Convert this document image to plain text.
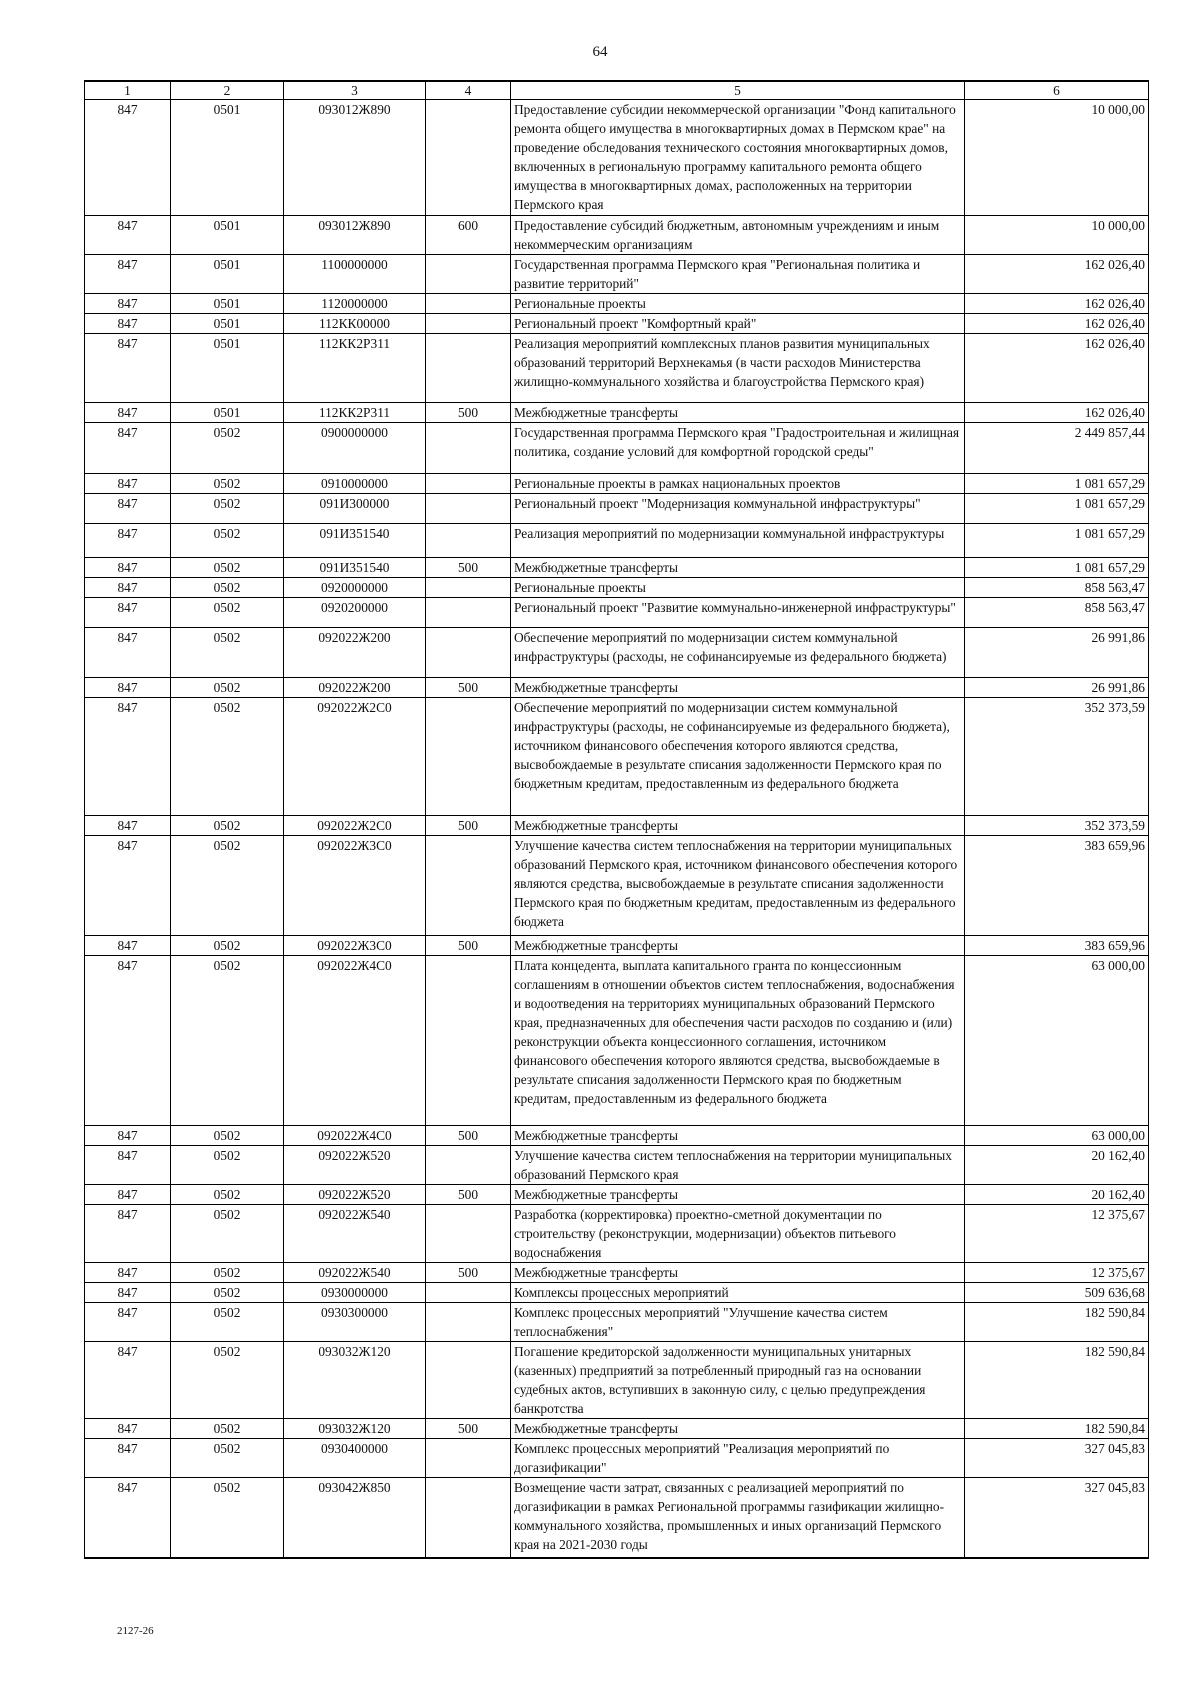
64
1	2	3	4	5	6
847	0501	093012Ж890		Предоставление субсидии некоммерческой организации "Фонд капитального ремонта общего имущества в многоквартирных домах в Пермском крае" на проведение обследования технического состояния многоквартирных домов, включенных в региональную программу капитального ремонта общего имущества в многоквартирных домах, расположенных на территории Пермского края	10 000,00
847	0501	093012Ж890	600	Предоставление субсидий бюджетным, автономным учреждениям и иным некоммерческим организациям	10 000,00
847	0501	1100000000		Государственная программа Пермского края "Региональная политика и развитие территорий"	162 026,40
847	0501	1120000000		Региональные проекты	162 026,40
847	0501	112КК00000		Региональный проект "Комфортный край"	162 026,40
847	0501	112КК2Р311		Реализация мероприятий комплексных планов развития муниципальных образований территорий Верхнекамья (в части расходов Министерства жилищно-коммунального хозяйства и благоустройства Пермского края)	162 026,40
847	0501	112КК2Р311	500	Межбюджетные трансферты	162 026,40
847	0502	0900000000		Государственная программа Пермского края "Градостроительная и жилищная политика, создание условий для комфортной городской среды"	2 449 857,44
847	0502	0910000000		Региональные проекты в рамках национальных проектов	1 081 657,29
847	0502	091И300000		Региональный проект "Модернизация коммунальной инфраструктуры"	1 081 657,29
847	0502	091И351540		Реализация мероприятий по модернизации коммунальной инфраструктуры	1 081 657,29
847	0502	091И351540	500	Межбюджетные трансферты	1 081 657,29
847	0502	0920000000		Региональные проекты	858 563,47
847	0502	0920200000		Региональный проект "Развитие коммунально-инженерной инфраструктуры"	858 563,47
847	0502	092022Ж200		Обеспечение мероприятий по модернизации систем коммунальной инфраструктуры (расходы, не софинансируемые из федерального бюджета)	26 991,86
847	0502	092022Ж200	500	Межбюджетные трансферты	26 991,86
847	0502	092022Ж2С0		Обеспечение мероприятий по модернизации систем коммунальной инфраструктуры (расходы, не софинансируемые из федерального бюджета), источником финансового обеспечения которого являются средства, высвобождаемые в результате списания задолженности Пермского края по бюджетным кредитам, предоставленным из федерального бюджета	352 373,59
847	0502	092022Ж2С0	500	Межбюджетные трансферты	352 373,59
847	0502	092022Ж3С0		Улучшение качества систем теплоснабжения на территории муниципальных образований Пермского края, источником финансового обеспечения которого являются средства, высвобождаемые в результате списания задолженности Пермского края по бюджетным кредитам, предоставленным из федерального бюджета	383 659,96
847	0502	092022Ж3С0	500	Межбюджетные трансферты	383 659,96
847	0502	092022Ж4С0		Плата концедента, выплата капитального гранта по концессионным соглашениям в отношении объектов систем теплоснабжения, водоснабжения и водоотведения на территориях муниципальных образований Пермского края, предназначенных для обеспечения части расходов по созданию и (или) реконструкции объекта концессионного соглашения, источником финансового обеспечения которого являются средства, высвобождаемые в результате списания задолженности Пермского края по бюджетным кредитам, предоставленным из федерального бюджета	63 000,00
847	0502	092022Ж4С0	500	Межбюджетные трансферты	63 000,00
847	0502	092022Ж520		Улучшение качества систем теплоснабжения на территории муниципальных образований Пермского края	20 162,40
847	0502	092022Ж520	500	Межбюджетные трансферты	20 162,40
847	0502	092022Ж540		Разработка (корректировка) проектно-сметной документации по строительству (реконструкции, модернизации) объектов питьевого водоснабжения	12 375,67
847	0502	092022Ж540	500	Межбюджетные трансферты	12 375,67
847	0502	0930000000		Комплексы процессных мероприятий	509 636,68
847	0502	0930300000		Комплекс процессных мероприятий "Улучшение качества систем теплоснабжения"	182 590,84
847	0502	093032Ж120		Погашение кредиторской задолженности муниципальных унитарных (казенных) предприятий за потребленный природный газ на основании судебных актов, вступивших в законную силу, с целью предупреждения банкротства	182 590,84
847	0502	093032Ж120	500	Межбюджетные трансферты	182 590,84
847	0502	0930400000		Комплекс процессных мероприятий "Реализация мероприятий по догазификации"	327 045,83
847	0502	093042Ж850		Возмещение части затрат, связанных с реализацией мероприятий по догазификации в рамках Региональной программы газификации жилищно-коммунального хозяйства, промышленных и иных организаций Пермского края на 2021-2030 годы	327 045,83
2127-26
